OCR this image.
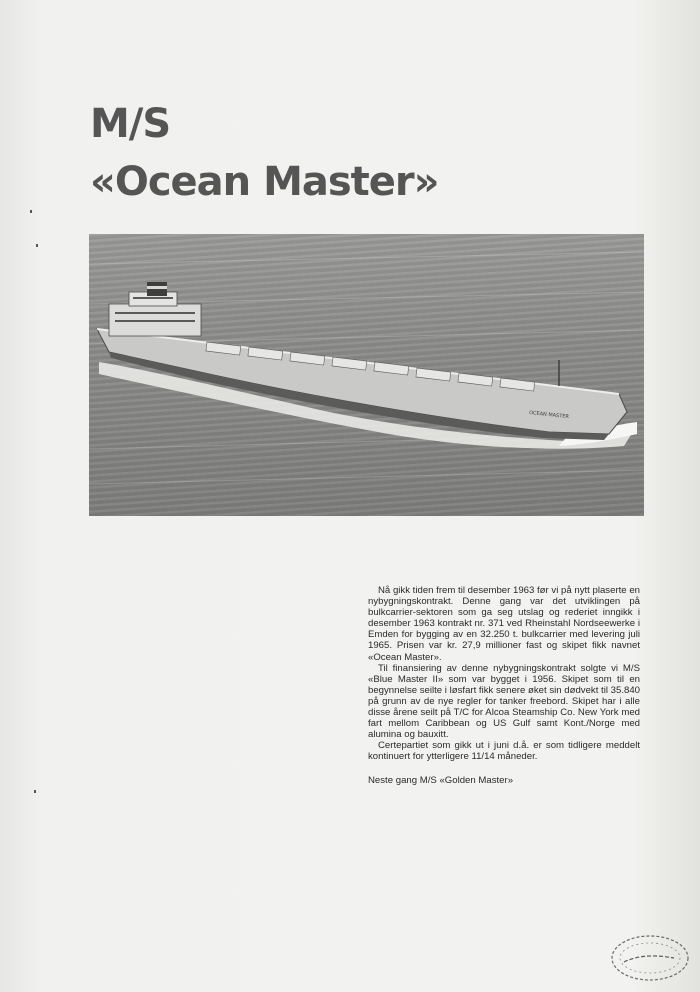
M/S
«Ocean Master»
OCEAN MASTER

Nå gikk tiden frem til desember 1963 før vi på nytt plaserte en nybygningskontrakt. Denne gang var det utviklingen på bulkcarrier-sektoren som ga seg utslag og rederiet inngikk i desember 1963 kontrakt nr. 371 ved Rheinstahl Nordseewerke i Emden for bygging av en 32.250 t. bulkcarrier med levering juli 1965. Prisen var kr. 27,9 millioner fast og skipet fikk navnet «Ocean Master».

Til finansiering av denne nybygningskontrakt solgte vi M/S «Blue Master II» som var bygget i 1956. Skipet som til en begynnelse seilte i løsfart fikk senere øket sin dødvekt til 35.840 på grunn av de nye regler for tanker freebord. Skipet har i alle disse årene seilt på T/C for Alcoa Steamship Co. New York med fart mellom Caribbean og US Gulf samt Kont./Norge med alumina og bauxitt.

Certepartiet som gikk ut i juni d.å. er som tidligere meddelt kontinuert for ytterligere 11/14 måneder.

Neste gang M/S «Golden Master»
